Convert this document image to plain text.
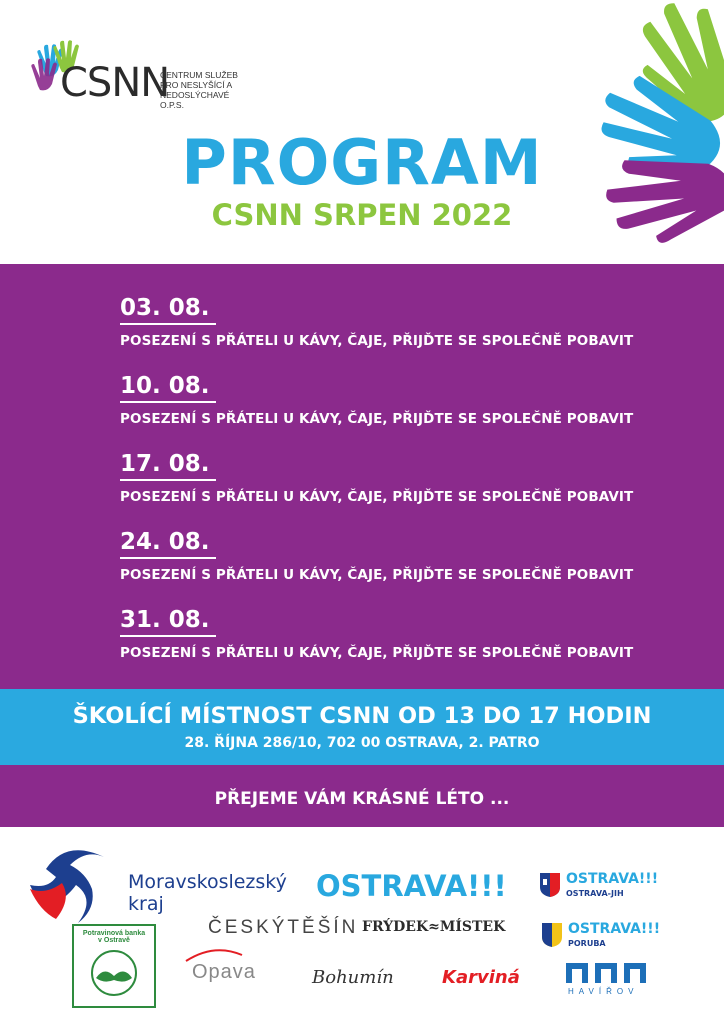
CSNN
CENTRUM SLUŽEB
PRO NESLYŠÍCÍ A NEDOSLÝCHAVÉ
O.P.S.
PROGRAM
CSNN SRPEN 2022
03. 08.
POSEZENÍ S PŘÁTELI U KÁVY, ČAJE, PŘIJĎTE SE SPOLEČNĚ POBAVIT
10. 08.
POSEZENÍ S PŘÁTELI U KÁVY, ČAJE, PŘIJĎTE SE SPOLEČNĚ POBAVIT
17. 08.
POSEZENÍ S PŘÁTELI U KÁVY, ČAJE, PŘIJĎTE SE SPOLEČNĚ POBAVIT
24. 08.
POSEZENÍ S PŘÁTELI U KÁVY, ČAJE, PŘIJĎTE SE SPOLEČNĚ POBAVIT
31. 08.
POSEZENÍ S PŘÁTELI U KÁVY, ČAJE, PŘIJĎTE SE SPOLEČNĚ POBAVIT
ŠKOLÍCÍ MÍSTNOST CSNN OD 13 DO 17 HODIN
28. ŘÍJNA 286/10, 702 00 OSTRAVA, 2. PATRO
PŘEJEME VÁM KRÁSNÉ LÉTO ...
Moravskoslezský
kraj
OSTRAVA!!!	OSTRAVA!!!
OSTRAVA-JIH
OSTRAVA!!!
PORUBA
ČESKÝTĚŠÍN FRÝDEK≈MÍSTEK
Potravinová banka
v Ostravě
Opava	Bohumín	Karviná
HAVÍŘOV
